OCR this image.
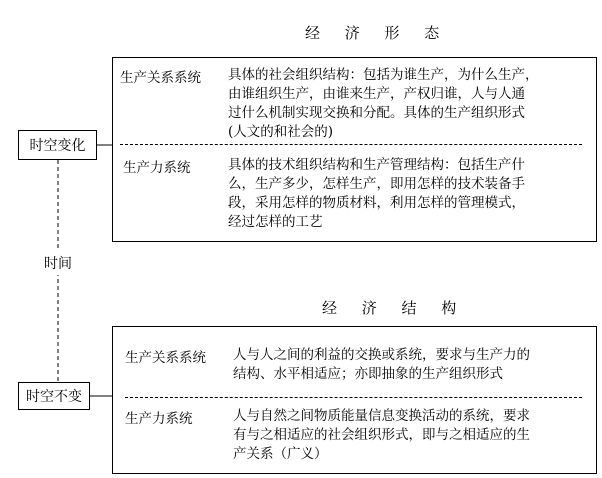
经 济 形 态
生产关系系统 具体的社会组织结构：包括为谁生产，为什么生产，
由谁组织生产，由谁来生产，产权归谁，人与人通
过什么机制实现交换和分配。具体的生产组织形式
(人文的和社会的)
生产力系统	具体的技术组织结构和生产管理结构：包括生产什
么，生产多少，怎样生产，即用怎样的技术装备手
段，采用怎样的物质材料，利用怎样的管理模式，
经过怎样的工艺
时空变化
时间
经 济 结 构
生产关系系统 人与人之间的利益的交换或系统，要求与生产力的
结构、水平相适应；亦即抽象的生产组织形式
生产力系统	人与自然之间物质能量信息变换活动的系统，要求
有与之相适应的社会组织形式，即与之相适应的生
产关系（广义）
时空不变
